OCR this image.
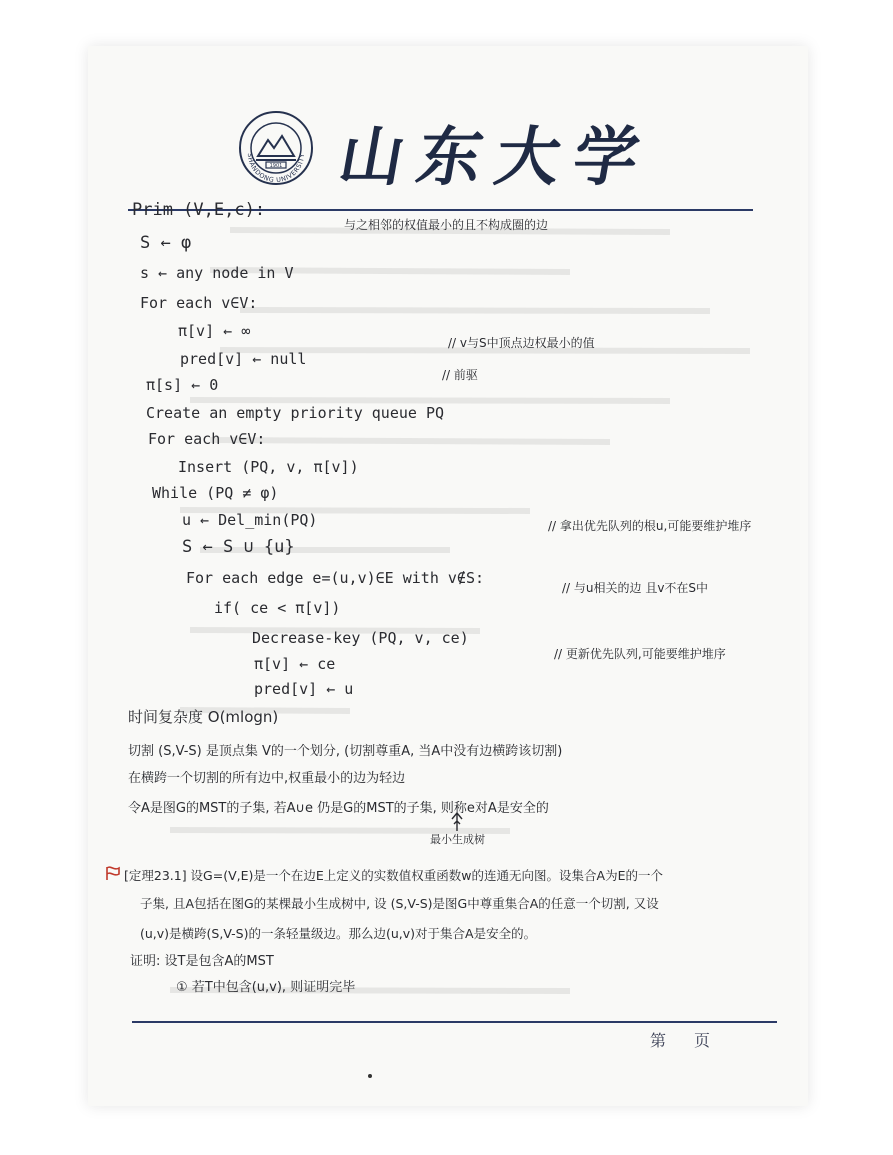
1901
SHANDONG UNIVERSITY 山东大学
Prim (V,E,c):
与之相邻的权值最小的且不构成圈的边
S ← φ
s ← any node in V
For each v∈V:
π[v] ← ∞
pred[v] ← null
// v与S中顶点边权最小的值
// 前驱
π[s] ← 0
Create an empty priority queue PQ
For each v∈V:
Insert (PQ, v, π[v])
While (PQ ≠ φ)
u ← Del_min(PQ)	// 拿出优先队列的根u,可能要维护堆序
S ← S ∪ {u}
For each edge e=(u,v)∈E with v∉S:
// 与u相关的边 且v不在S中
if( ce < π[v])
Decrease-key (PQ, v, ce)
// 更新优先队列,可能要维护堆序
π[v] ← ce
pred[v] ← u
时间复杂度 O(mlogn)
切割 (S,V-S) 是顶点集 V的一个划分, (切割尊重A, 当A中没有边横跨该切割)
在横跨一个切割的所有边中,权重最小的边为轻边
令A是图G的MST的子集, 若A∪e 仍是G的MST的子集, 则称e对A是安全的
最小生成树
[定理23.1] 设G=(V,E)是一个在边E上定义的实数值权重函数w的连通无向图。设集合A为E的一个
子集, 且A包括在图G的某棵最小生成树中, 设 (S,V-S)是图G中尊重集合A的任意一个切割, 又设
(u,v)是横跨(S,V-S)的一条轻量级边。那么边(u,v)对于集合A是安全的。
证明: 设T是包含A的MST
① 若T中包含(u,v), 则证明完毕
第 页
